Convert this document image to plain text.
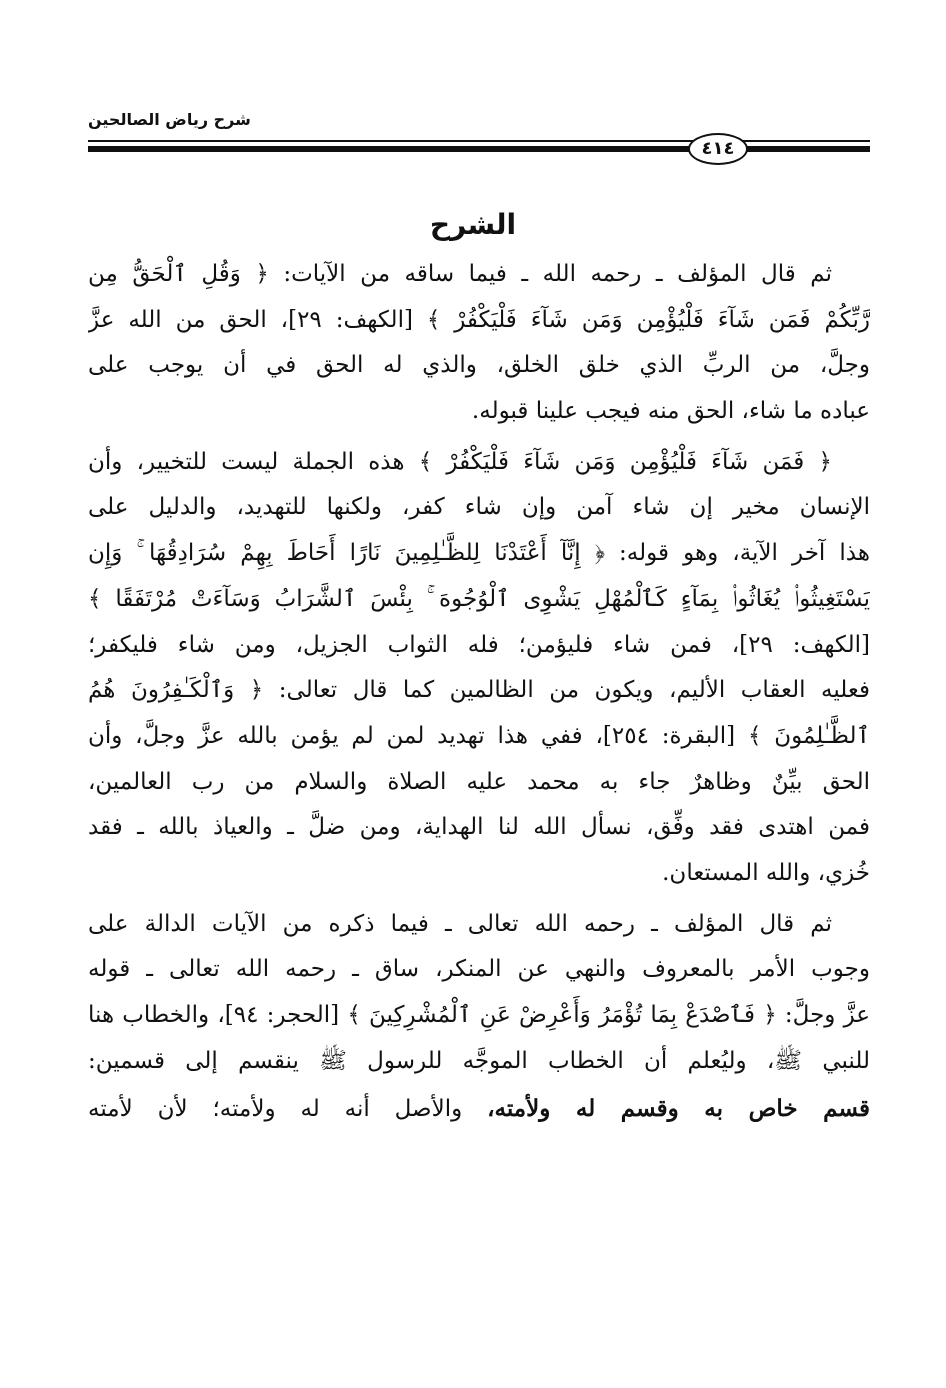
شرح رياض الصالحين
٤١٤
الشرح
ثم قال المؤلف ـ رحمه الله ـ فيما ساقه من الآيات: ﴿ وَقُلِ ٱلْحَقُّ مِن
رَّبِّكُمْ فَمَن شَآءَ فَلْيُؤْمِن وَمَن شَآءَ فَلْيَكْفُرْ ﴾ [الكهف: ٢٩]، الحق من الله عزَّ
وجلَّ، من الربِّ الذي خلق الخلق، والذي له الحق في أن يوجب على
عباده ما شاء، الحق منه فيجب علينا قبوله.
﴿ فَمَن شَآءَ فَلْيُؤْمِن وَمَن شَآءَ فَلْيَكْفُرْ ﴾ هذه الجملة ليست للتخيير، وأن
الإنسان مخير إن شاء آمن وإن شاء كفر، ولكنها للتهديد، والدليل على
هذا آخر الآية، وهو قوله: ﴿ إِنَّآ أَعْتَدْنَا لِلظَّـٰلِمِينَ نَارًا أَحَاطَ بِهِمْ سُرَادِقُهَا ۚ وَإِن
يَسْتَغِيثُوا۟ يُغَاثُوا۟ بِمَآءٍ كَٱلْمُهْلِ يَشْوِى ٱلْوُجُوهَ ۚ بِئْسَ ٱلشَّرَابُ وَسَآءَتْ مُرْتَفَقًا ﴾
[الكهف: ٢٩]، فمن شاء فليؤمن؛ فله الثواب الجزيل، ومن شاء فليكفر؛
فعليه العقاب الأليم، ويكون من الظالمين كما قال تعالى: ﴿ وَٱلْكَـٰفِرُونَ هُمُ
ٱلظَّـٰلِمُونَ ﴾ [البقرة: ٢٥٤]، ففي هذا تهديد لمن لم يؤمن بالله عزَّ وجلَّ، وأن
الحق بيِّنٌ وظاهرٌ جاء به محمد عليه الصلاة والسلام من رب العالمين،
فمن اهتدى فقد وفِّق، نسأل الله لنا الهداية، ومن ضلَّ ـ والعياذ بالله ـ فقد
خُزي، والله المستعان.
ثم قال المؤلف ـ رحمه الله تعالى ـ فيما ذكره من الآيات الدالة على
وجوب الأمر بالمعروف والنهي عن المنكر، ساق ـ رحمه الله تعالى ـ قوله
عزَّ وجلَّ: ﴿ فَٱصْدَعْ بِمَا تُؤْمَرُ وَأَعْرِضْ عَنِ ٱلْمُشْرِكِينَ ﴾ [الحجر: ٩٤]، والخطاب هنا
للنبي ﷺ، وليُعلم أن الخطاب الموجَّه للرسول ﷺ ينقسم إلى قسمين:
قسم خاص به وقسم له ولأمته، والأصل أنه له ولأمته؛ لأن لأمته
